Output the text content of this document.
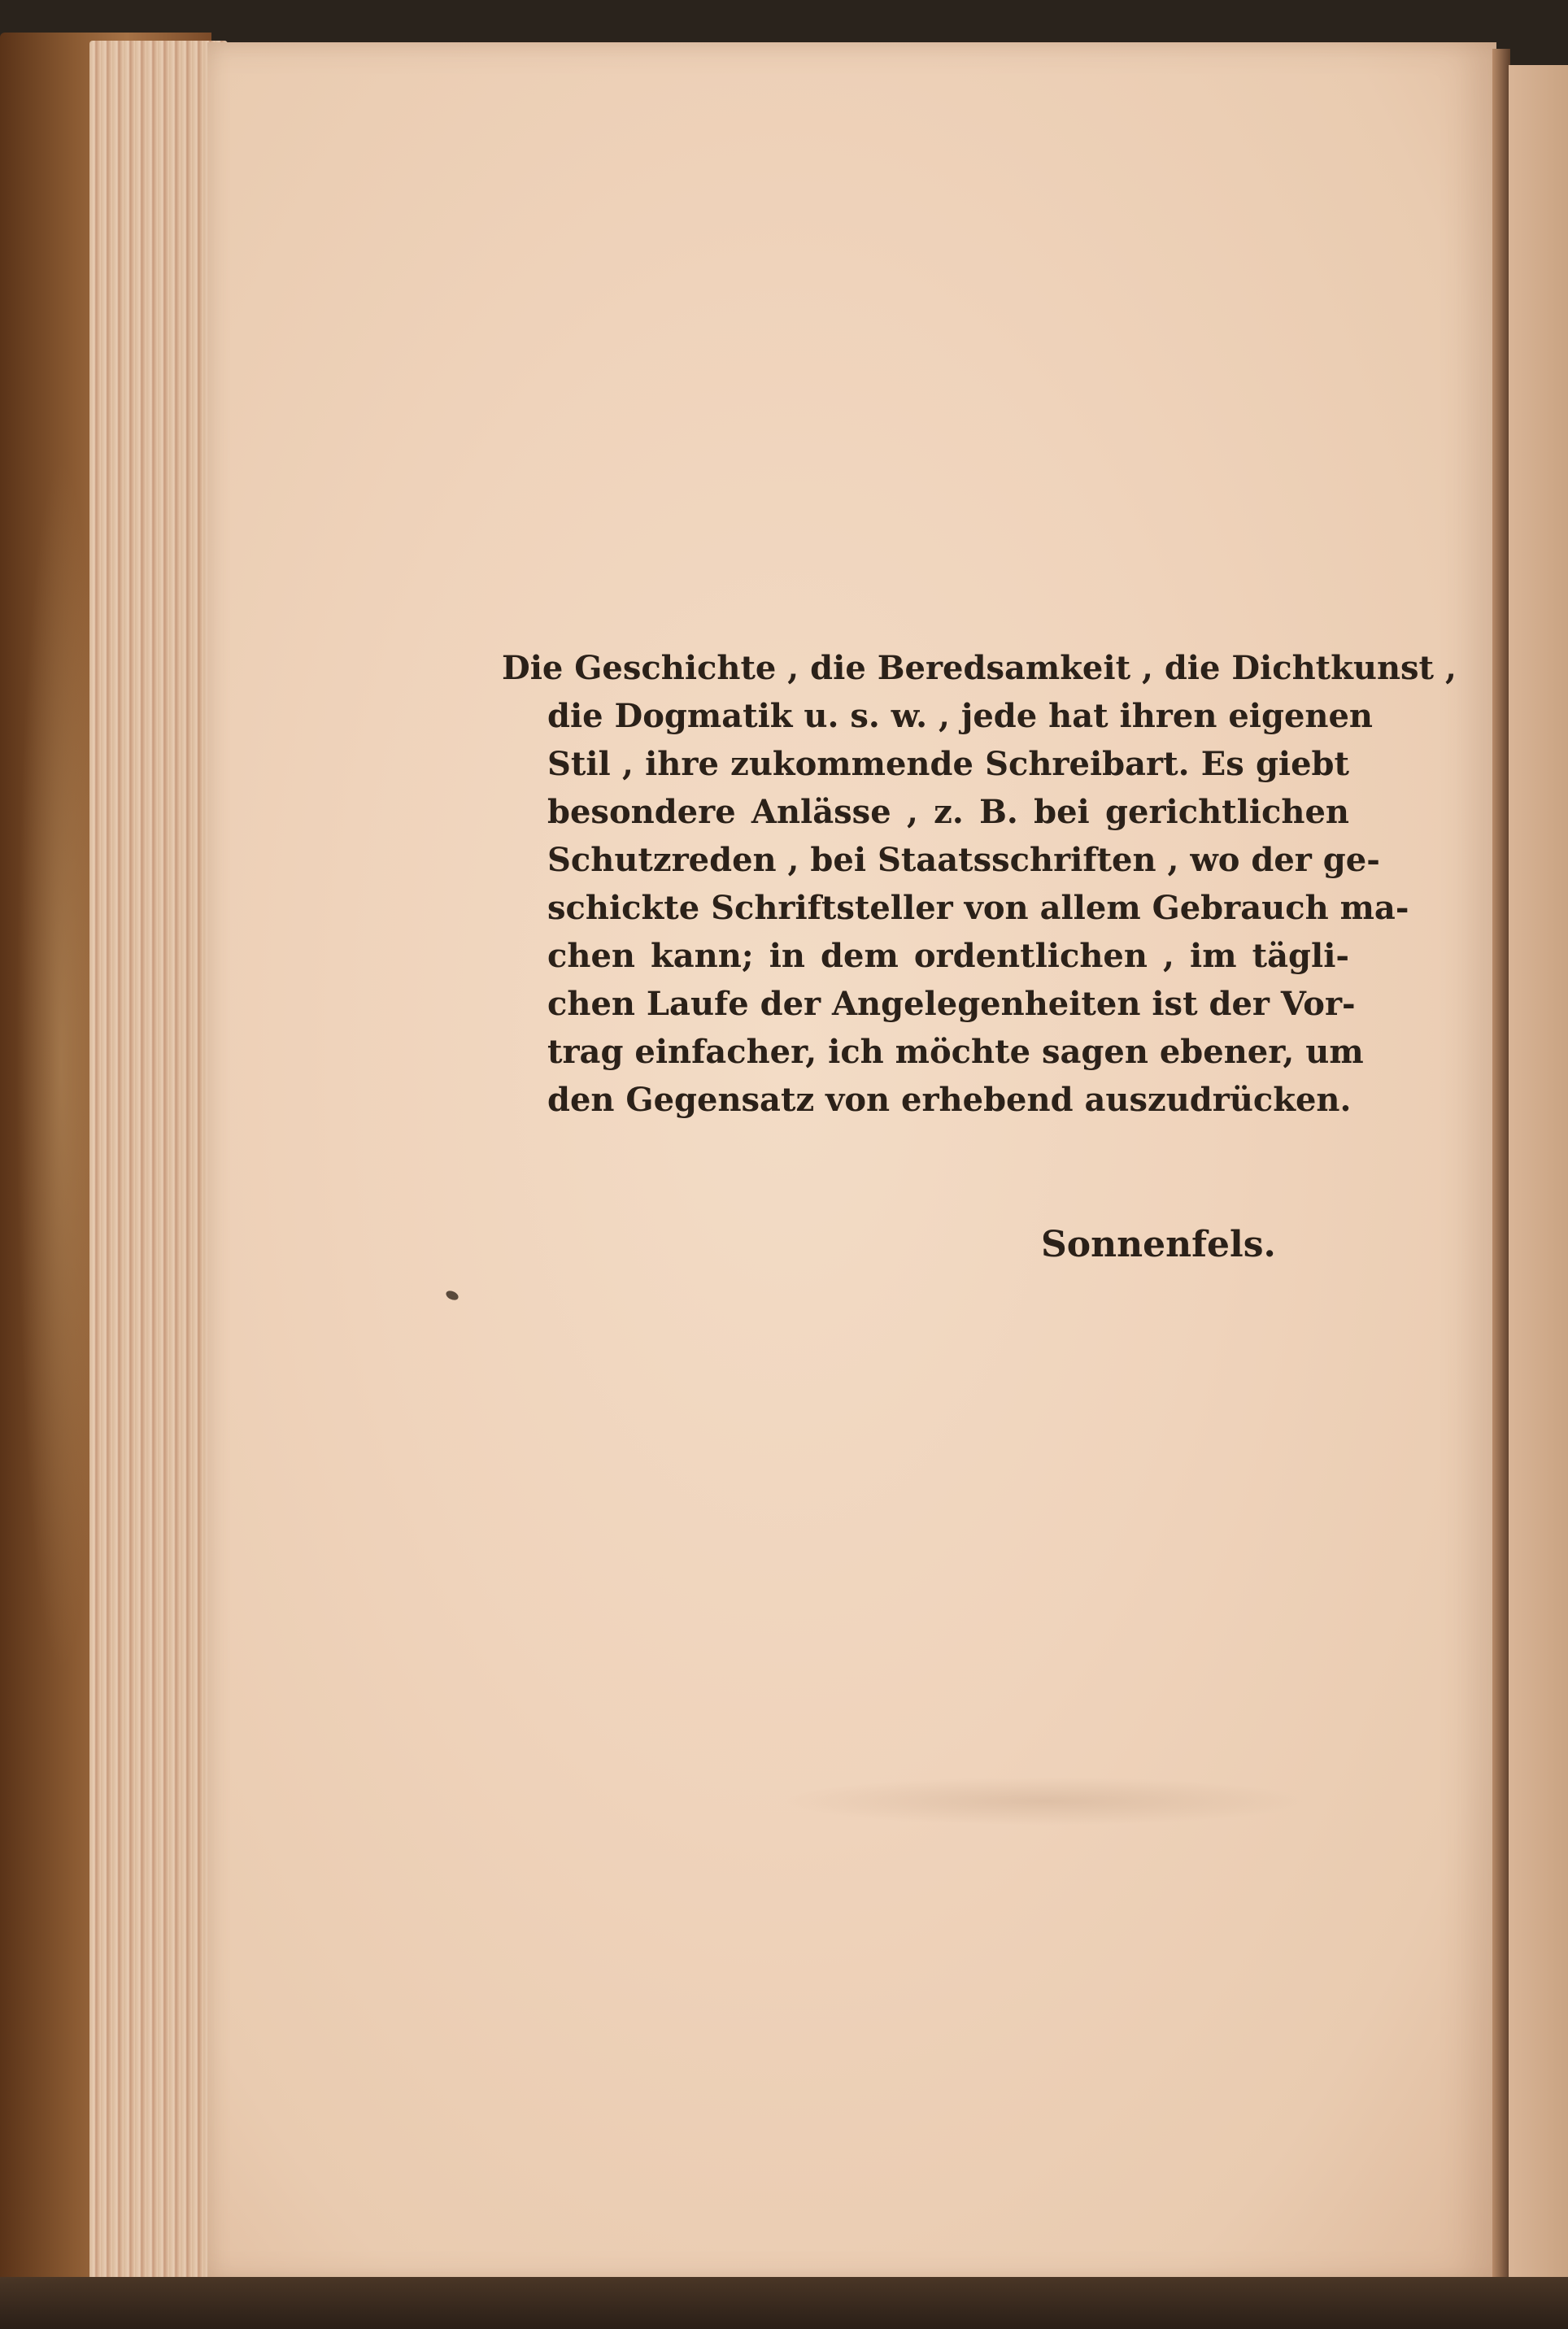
Die Geschichte , die Beredsamkeit , die Dichtkunst ,
die Dogmatik u. s. w. , jede hat ihren eigenen
Stil , ihre zukommende Schreibart. Es giebt
besondere Anlässe , z. B. bei gerichtlichen
Schutzreden , bei Staatsschriften , wo der ge-
schickte Schriftsteller von allem Gebrauch ma-
chen kann; in dem ordentlichen , im tägli-
chen Laufe der Angelegenheiten ist der Vor-
trag einfacher, ich möchte sagen ebener, um
den Gegensatz von erhebend auszudrücken.
Sonnenfels.
